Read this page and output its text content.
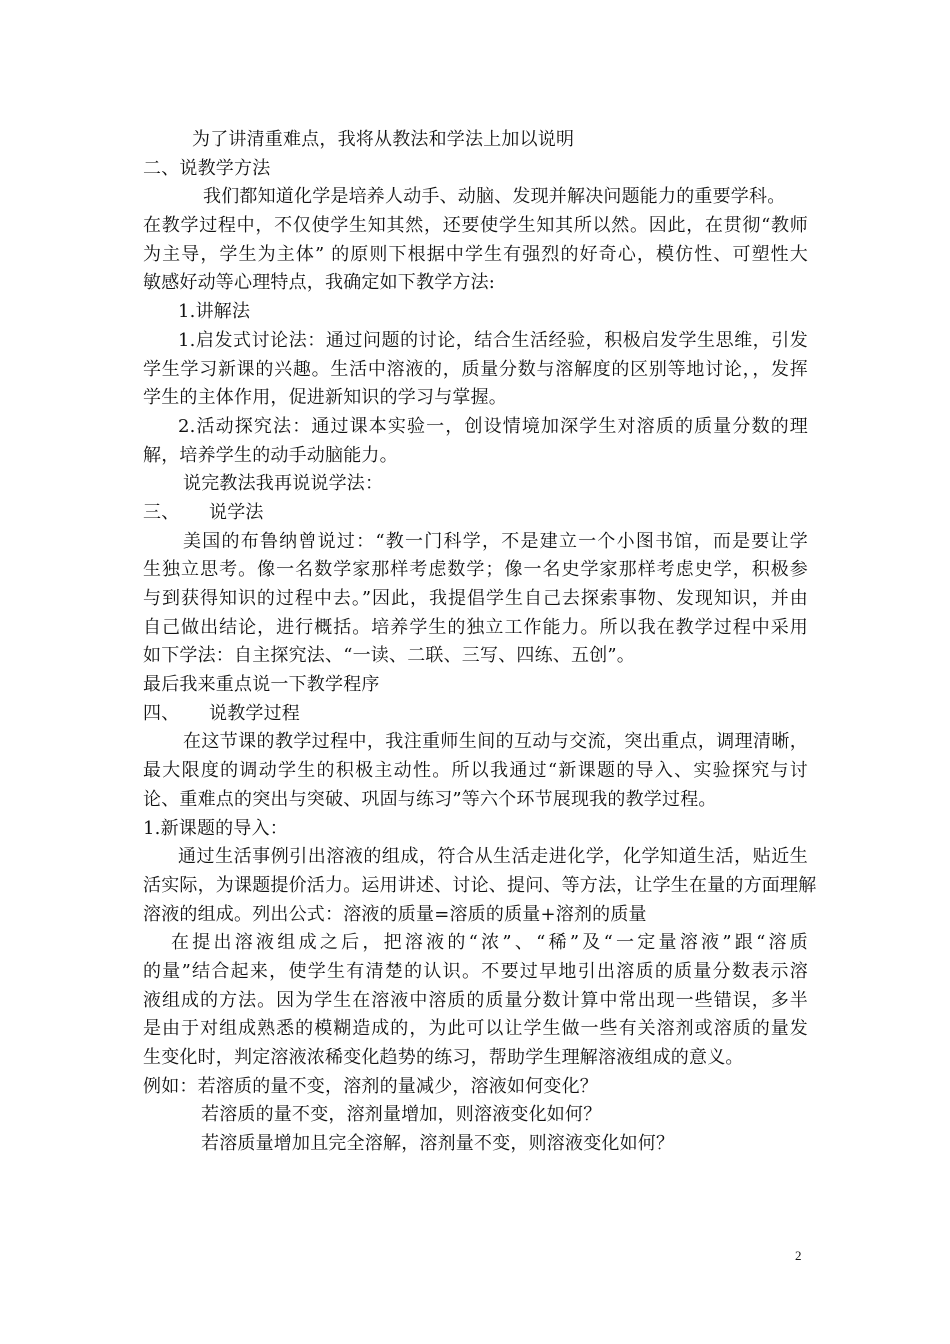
为了讲清重难点，我将从教法和学法上加以说明
二、说教学方法
我们都知道化学是培养人动手、动脑、发现并解决问题能力的重要学科。
在教学过程中，不仅使学生知其然，还要使学生知其所以然。因此，在贯彻“教师
为主导，学生为主体” 的原则下根据中学生有强烈的好奇心，模仿性、可塑性大
敏感好动等心理特点，我确定如下教学方法:
1.讲解法
1.启发式讨论法：通过问题的讨论，结合生活经验，积极启发学生思维，引发
学生学习新课的兴趣。生活中溶液的，质量分数与溶解度的区别等地讨论，，发挥
学生的主体作用，促进新知识的学习与掌握。
2.活动探究法：通过课本实验一，创设情境加深学生对溶质的质量分数的理
解，培养学生的动手动脑能力。
说完教法我再说说学法：
三、     说学法
美国的布鲁纳曾说过：“教一门科学，不是建立一个小图书馆，而是要让学
生独立思考。像一名数学家那样考虑数学；像一名史学家那样考虑史学，积极参
与到获得知识的过程中去。”因此，我提倡学生自己去探索事物、发现知识，并由
自己做出结论，进行概括。培养学生的独立工作能力。所以我在教学过程中采用
如下学法：自主探究法、“一读、二联、三写、四练、五创”。
最后我来重点说一下教学程序
四、     说教学过程
在这节课的教学过程中，我注重师生间的互动与交流，突出重点，调理清晰，
最大限度的调动学生的积极主动性。所以我通过“新课题的导入、实验探究与讨
论、重难点的突出与突破、巩固与练习”等六个环节展现我的教学过程。
1.新课题的导入：
通过生活事例引出溶液的组成，符合从生活走进化学，化学知道生活，贴近生
活实际，为课题提价活力。运用讲述、讨论、提问、等方法，让学生在量的方面理解
溶液的组成。列出公式：溶液的质量=溶质的质量+溶剂的质量
在提出溶液组成之后，把溶液的“浓”、“稀”及“一定量溶液”跟“溶质
的量”结合起来，使学生有清楚的认识。不要过早地引出溶质的质量分数表示溶
液组成的方法。因为学生在溶液中溶质的质量分数计算中常出现一些错误，多半
是由于对组成熟悉的模糊造成的，为此可以让学生做一些有关溶剂或溶质的量发
生变化时，判定溶液浓稀变化趋势的练习，帮助学生理解溶液组成的意义。
例如：若溶质的量不变，溶剂的量减少，溶液如何变化？
若溶质的量不变，溶剂量增加，则溶液变化如何？
若溶质量增加且完全溶解，溶剂量不变，则溶液变化如何？
2
